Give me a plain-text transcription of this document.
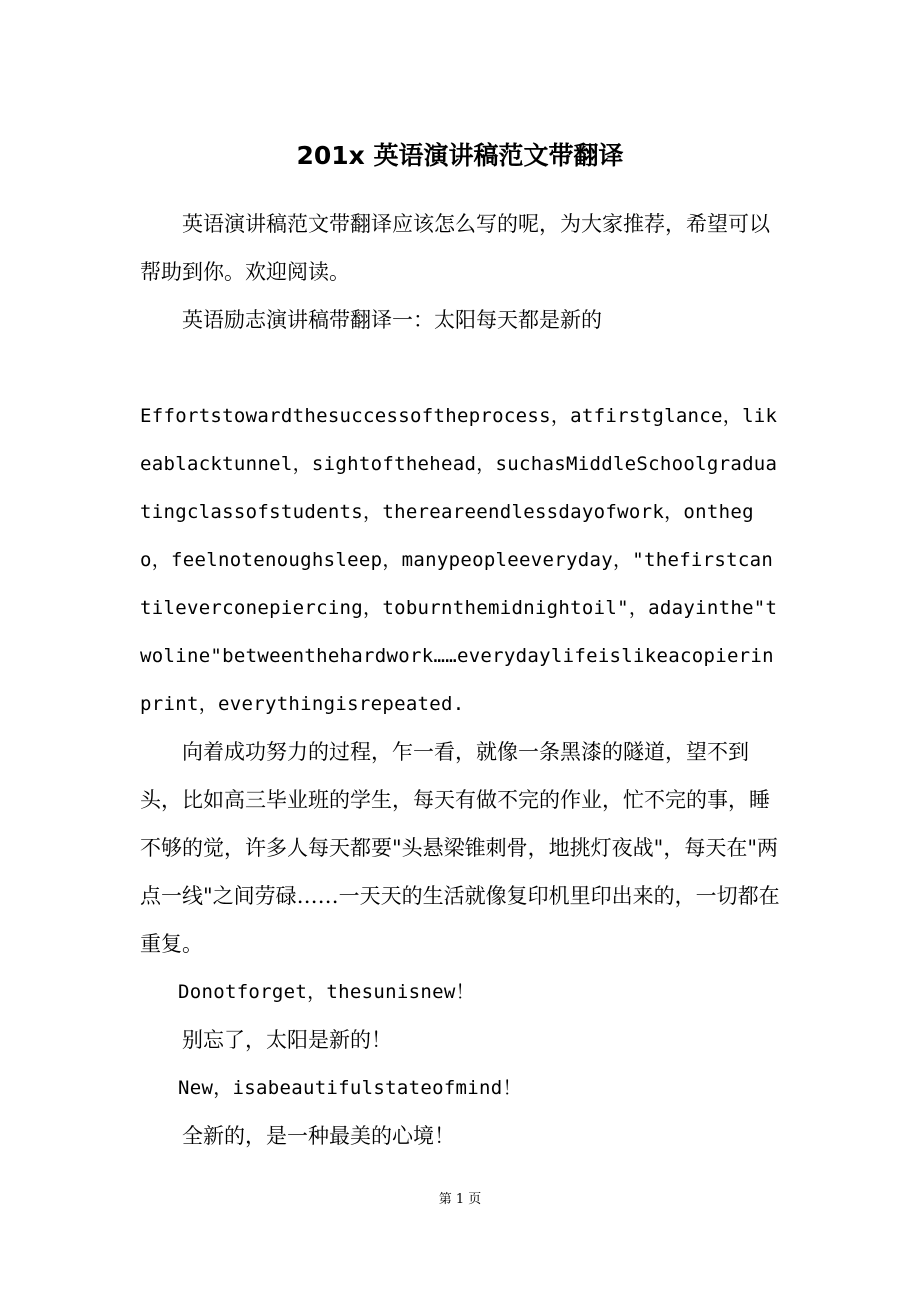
201x 英语演讲稿范文带翻译

英语演讲稿范文带翻译应该怎么写的呢，为大家推荐，希望可以帮助到你。欢迎阅读。

英语励志演讲稿带翻译一：太阳每天都是新的

Effortstowardthesuccessoftheprocess，atfirstglance，likeablacktunnel，sightofthehead，suchasMiddleSchoolgraduatingclassofstudents，thereareendlessdayofwork，onthego，feelnotenoughsleep，manypeopleeveryday，"thefirstcantileverconepiercing，toburnthemidnightoil"，adayinthe"twoline"betweenthehardwork……everydaylifeislikeacopierinprint，everythingisrepeated.

向着成功努力的过程，乍一看，就像一条黑漆的隧道，望不到头，比如高三毕业班的学生，每天有做不完的作业，忙不完的事，睡不够的觉，许多人每天都要"头悬梁锥刺骨，地挑灯夜战"，每天在"两点一线"之间劳碌……一天天的生活就像复印机里印出来的，一切都在重复。

Donotforget，thesunisnew！

别忘了，太阳是新的！

New，isabeautifulstateofmind！

全新的，是一种最美的心境！

第 1 页
